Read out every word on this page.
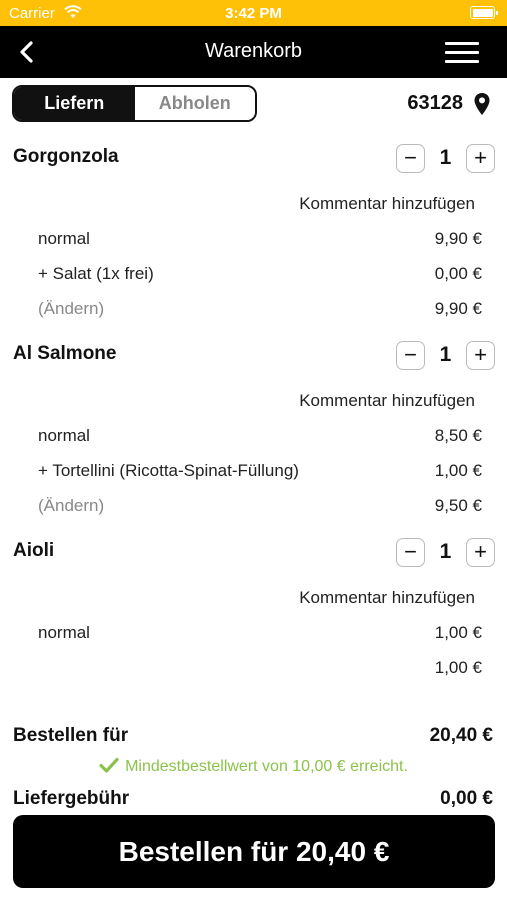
Carrier	3:42 PM
Warenkorb
Liefern	Abholen	63128
Gorgonzola	−	1	+
Kommentar hinzufügen
normal	9,90 €
+ Salat (1x frei)	0,00 €
(Ändern)	9,90 €
Al Salmone	−	1	+
Kommentar hinzufügen
normal	8,50 €
+ Tortellini (Ricotta-Spinat-Füllung)	1,00 €
(Ändern)	9,50 €
Aioli	−	1	+
Kommentar hinzufügen
normal	1,00 €
1,00 €
Bestellen für	20,40 €
Mindestbestellwert von 10,00 € erreicht.
Liefergebühr	0,00 €
Bestellen für 20,40 €
